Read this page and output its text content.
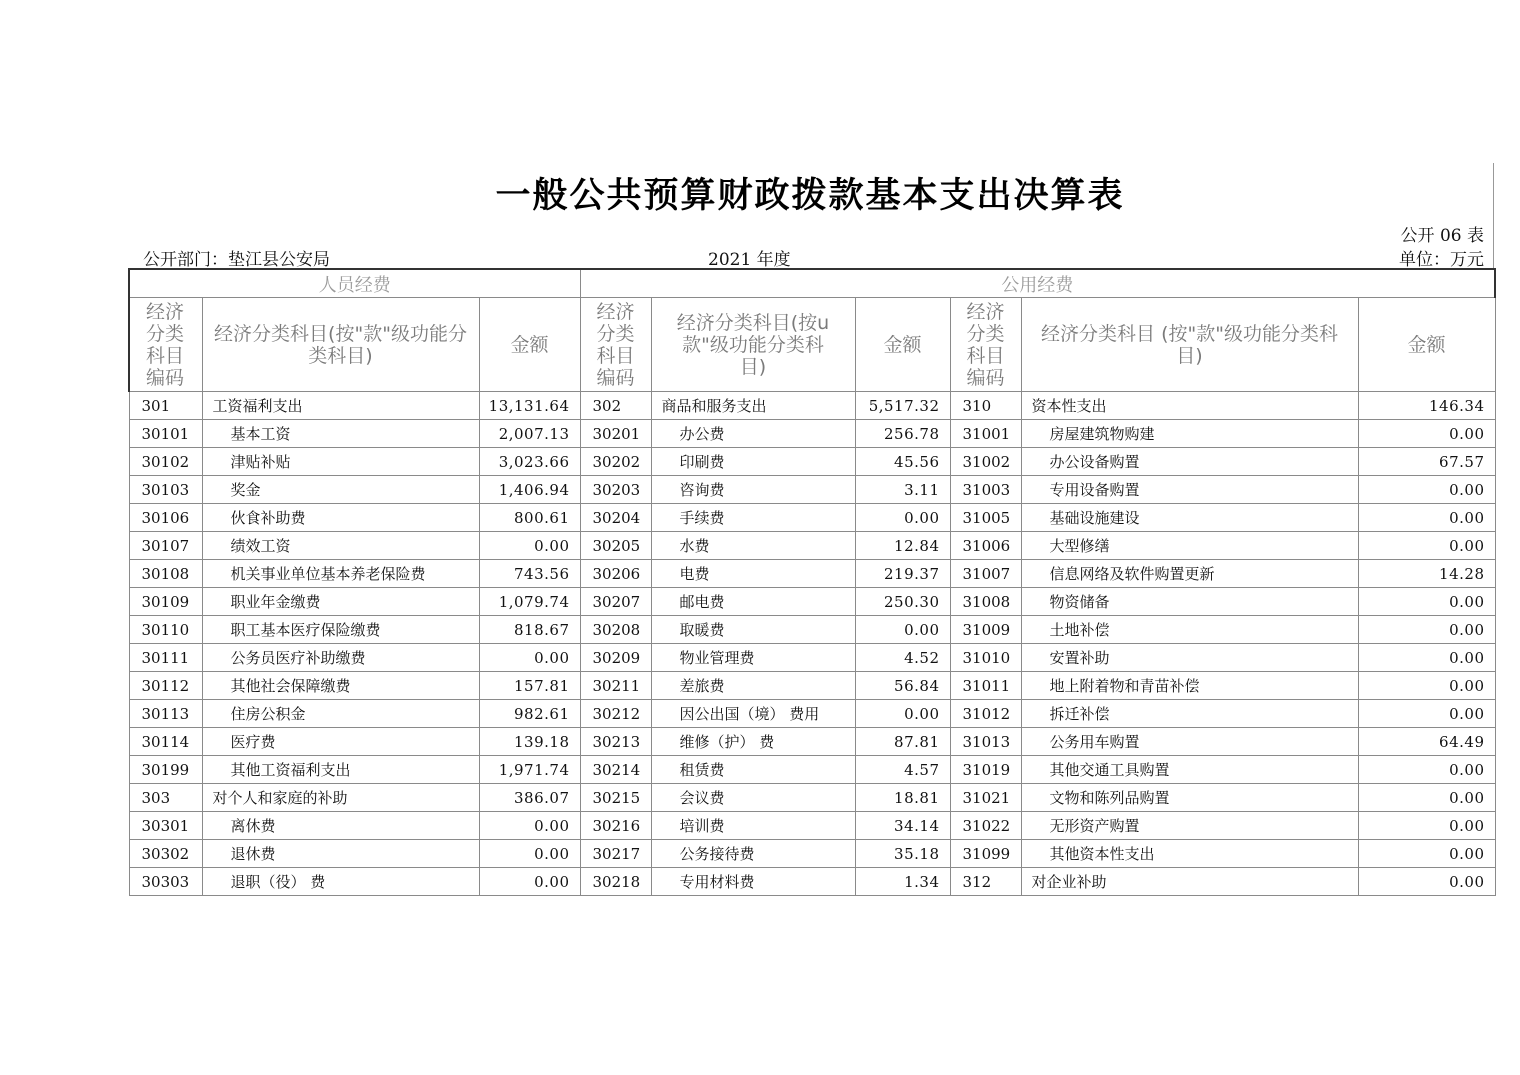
一般公共预算财政拨款基本支出决算表
公开 06 表
公开部门：垫江县公安局	2021 年度	单位：万元
人员经费			公用经费					

经济
分类
科目
编码	经济分类科目(按"款"级功能分类科目)	金额	经济
分类
科目
编码	经济分类科目(按u款"级功能分类科目)	金额	经济
分类
科目
编码	经济分类科目 (按"款"级功能分类科目)	金额
301	工资福利支出	13,131.64	302	商品和服务支出	5,517.32	310	资本性支出	146.34
30101	基本工资	2,007.13	30201	办公费	256.78	31001	房屋建筑物购建	0.00
30102	津贴补贴	3,023.66	30202	印刷费	45.56	31002	办公设备购置	67.57
30103	奖金	1,406.94	30203	咨询费	3.11	31003	专用设备购置	0.00
30106	伙食补助费	800.61	30204	手续费	0.00	31005	基础设施建设	0.00
30107	绩效工资	0.00	30205	水费	12.84	31006	大型修缮	0.00
30108	机关事业单位基本养老保险费	743.56	30206	电费	219.37	31007	信息网络及软件购置更新	14.28
30109	职业年金缴费	1,079.74	30207	邮电费	250.30	31008	物资储备	0.00
30110	职工基本医疗保险缴费	818.67	30208	取暖费	0.00	31009	土地补偿	0.00
30111	公务员医疗补助缴费	0.00	30209	物业管理费	4.52	31010	安置补助	0.00
30112	其他社会保障缴费	157.81	30211	差旅费	56.84	31011	地上附着物和青苗补偿	0.00
30113	住房公积金	982.61	30212	因公出国（境） 费用	0.00	31012	拆迁补偿	0.00
30114	医疗费	139.18	30213	维修（护） 费	87.81	31013	公务用车购置	64.49
30199	其他工资福利支出	1,971.74	30214	租赁费	4.57	31019	其他交通工具购置	0.00
303	对个人和家庭的补助	386.07	30215	会议费	18.81	31021	文物和陈列品购置	0.00
30301	离休费	0.00	30216	培训费	34.14	31022	无形资产购置	0.00
30302	退休费	0.00	30217	公务接待费	35.18	31099	其他资本性支出	0.00
30303	退职（役） 费	0.00	30218	专用材料费	1.34	312	对企业补助	0.00
